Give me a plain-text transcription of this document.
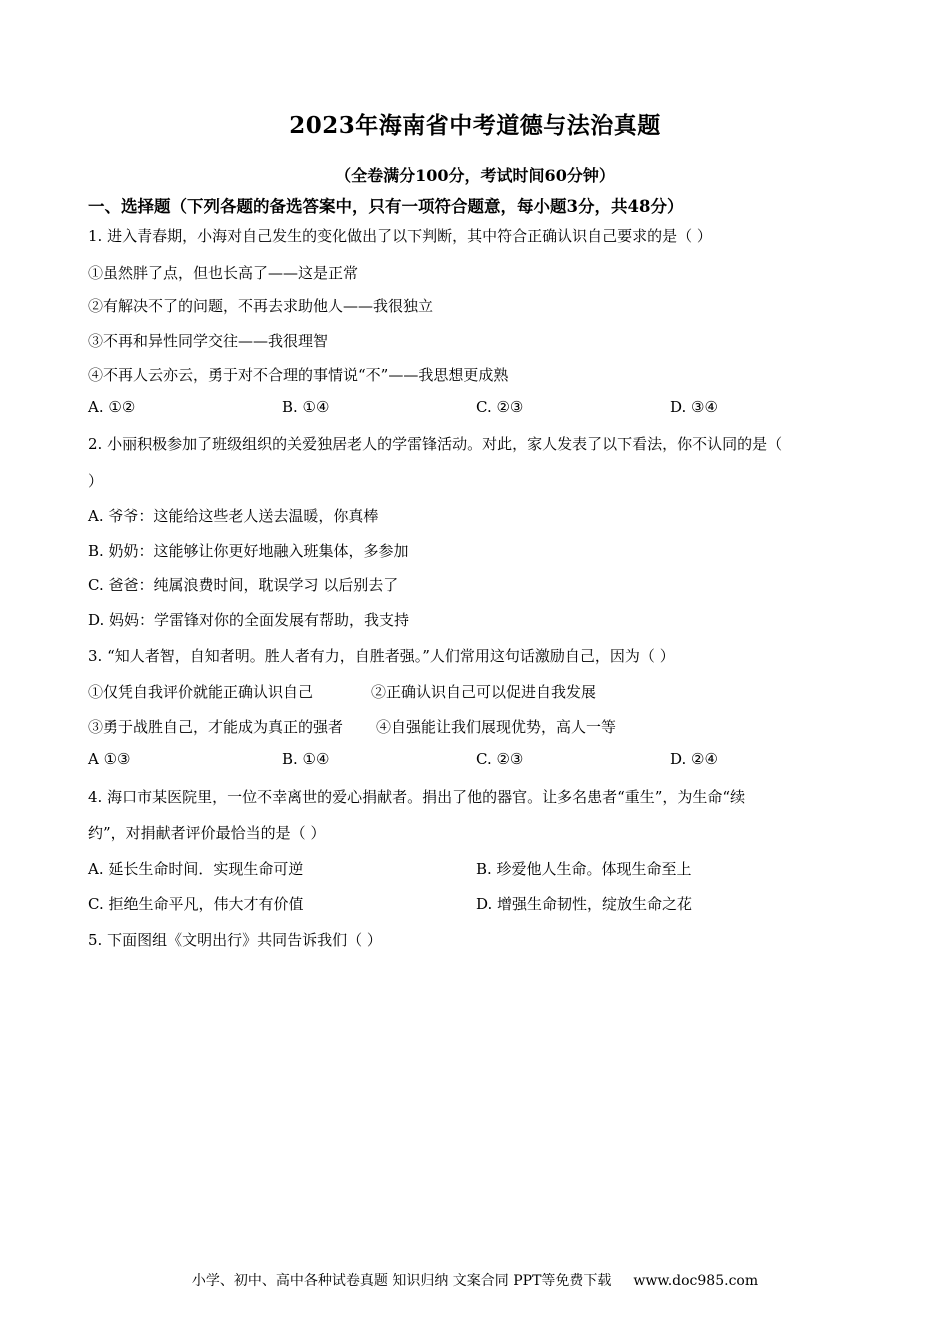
2023年海南省中考道德与法治真题
（全卷满分100分，考试时间60分钟）
一、选择题（下列各题的备选答案中，只有一项符合题意，每小题3分，共48分）
1. 进入青春期，小海对自己发生的变化做出了以下判断，其中符合正确认识自己要求的是（ ）
①虽然胖了点，但也长高了——这是正常
②有解决不了的问题，不再去求助他人——我很独立
③不再和异性同学交往——我很理智
④不再人云亦云，勇于对不合理的事情说“不”——我思想更成熟
A. ①②	B. ①④	C. ②③	D. ③④
2. 小丽积极参加了班级组织的关爱独居老人的学雷锋活动。对此，家人发表了以下看法，你不认同的是（
）
A. 爷爷：这能给这些老人送去温暖，你真棒
B. 奶奶：这能够让你更好地融入班集体，多参加
C. 爸爸：纯属浪费时间，耽误学习 以后别去了
D. 妈妈：学雷锋对你的全面发展有帮助，我支持
3. “知人者智，自知者明。胜人者有力，自胜者强。”人们常用这句话激励自己，因为（ ）
①仅凭自我评价就能正确认识自己	②正确认识自己可以促进自我发展
③勇于战胜自己，才能成为真正的强者 ④自强能让我们展现优势，高人一等
A ①③	B. ①④	C. ②③	D. ②④
4. 海口市某医院里，一位不幸离世的爱心捐献者。捐出了他的器官。让多名患者“重生”，为生命“续
约”，对捐献者评价最恰当的是（ ）
A. 延长生命时间．实现生命可逆	B. 珍爱他人生命。体现生命至上
C. 拒绝生命平凡，伟大才有价值	D. 增强生命韧性，绽放生命之花
5. 下面图组《文明出行》共同告诉我们（ ）
小学、初中、高中各种试卷真题 知识归纳 文案合同 PPT等免费下载 www.doc985.com
